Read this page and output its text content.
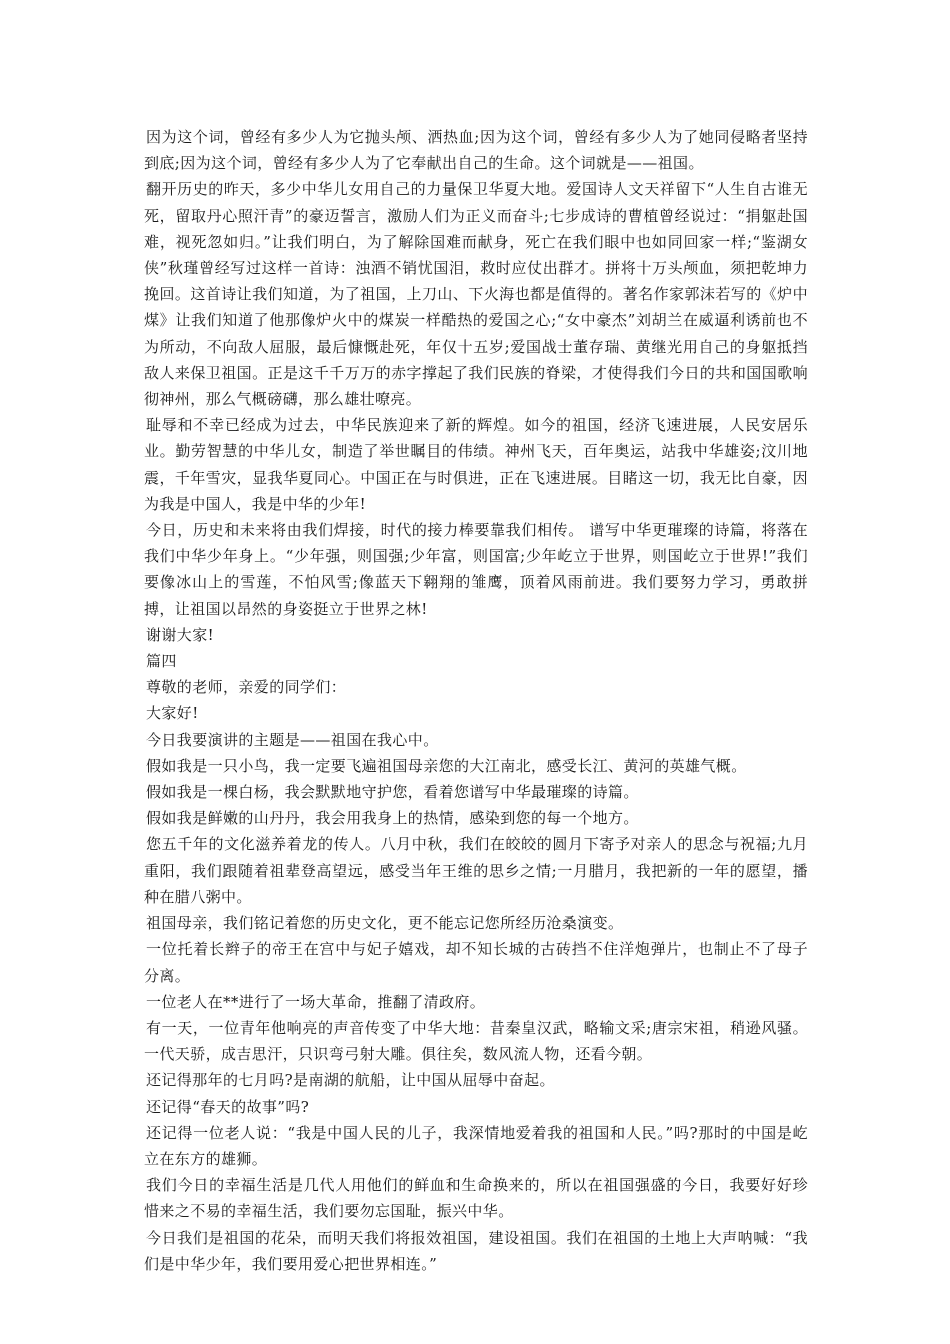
因为这个词，曾经有多少人为它抛头颅、洒热血;因为这个词，曾经有多少人为了她同侵略者坚持到底;因为这个词，曾经有多少人为了它奉献出自己的生命。这个词就是——祖国。

翻开历史的昨天，多少中华儿女用自己的力量保卫华夏大地。爱国诗人文天祥留下“人生自古谁无死，留取丹心照汗青”的豪迈誓言，激励人们为正义而奋斗;七步成诗的曹植曾经说过：“捐躯赴国难，视死忽如归。”让我们明白，为了解除国难而献身，死亡在我们眼中也如同回家一样;“鉴湖女侠”秋瑾曾经写过这样一首诗：浊酒不销忧国泪，救时应仗出群才。拼将十万头颅血，须把乾坤力挽回。这首诗让我们知道，为了祖国，上刀山、下火海也都是值得的。著名作家郭沫若写的《炉中煤》让我们知道了他那像炉火中的煤炭一样酷热的爱国之心;“女中豪杰”刘胡兰在威逼利诱前也不为所动，不向敌人屈服，最后慷慨赴死，年仅十五岁;爱国战士董存瑞、黄继光用自己的身躯抵挡敌人来保卫祖国。正是这千千万万的赤字撑起了我们民族的脊梁，才使得我们今日的共和国国歌响彻神州，那么气概磅礴，那么雄壮嘹亮。

耻辱和不幸已经成为过去，中华民族迎来了新的辉煌。如今的祖国，经济飞速进展，人民安居乐业。勤劳智慧的中华儿女，制造了举世瞩目的伟绩。神州飞天，百年奥运，站我中华雄姿;汶川地震，千年雪灾，显我华夏同心。中国正在与时俱进，正在飞速进展。目睹这一切，我无比自豪，因为我是中国人，我是中华的少年!

今日，历史和未来将由我们焊接，时代的接力棒要靠我们相传。 谱写中华更璀璨的诗篇，将落在我们中华少年身上。“少年强，则国强;少年富，则国富;少年屹立于世界，则国屹立于世界!”我们要像冰山上的雪莲，不怕风雪;像蓝天下翱翔的雏鹰，顶着风雨前进。我们要努力学习，勇敢拼搏，让祖国以昂然的身姿挺立于世界之林!

谢谢大家!

篇四

尊敬的老师，亲爱的同学们：

大家好!

今日我要演讲的主题是——祖国在我心中。

假如我是一只小鸟，我一定要飞遍祖国母亲您的大江南北，感受长江、黄河的英雄气概。

假如我是一棵白杨，我会默默地守护您，看着您谱写中华最璀璨的诗篇。

假如我是鲜嫩的山丹丹，我会用我身上的热情，感染到您的每一个地方。

您五千年的文化滋养着龙的传人。八月中秋，我们在皎皎的圆月下寄予对亲人的思念与祝福;九月重阳，我们跟随着祖辈登高望远，感受当年王维的思乡之情;一月腊月，我把新的一年的愿望，播种在腊八粥中。

祖国母亲，我们铭记着您的历史文化，更不能忘记您所经历沧桑演变。

一位托着长辫子的帝王在宫中与妃子嬉戏，却不知长城的古砖挡不住洋炮弹片，也制止不了母子分离。

一位老人在**进行了一场大革命，推翻了清政府。

有一天，一位青年他响亮的声音传变了中华大地：昔秦皇汉武，略输文采;唐宗宋祖，稍逊风骚。一代天骄，成吉思汗，只识弯弓射大雕。俱往矣，数风流人物，还看今朝。

还记得那年的七月吗?是南湖的航船，让中国从屈辱中奋起。

还记得“春天的故事”吗?

还记得一位老人说：“我是中国人民的儿子，我深情地爱着我的祖国和人民。”吗?那时的中国是屹立在东方的雄狮。

我们今日的幸福生活是几代人用他们的鲜血和生命换来的，所以在祖国强盛的今日，我要好好珍惜来之不易的幸福生活，我们要勿忘国耻，振兴中华。

今日我们是祖国的花朵，而明天我们将报效祖国，建设祖国。我们在祖国的土地上大声呐喊：“我们是中华少年，我们要用爱心把世界相连。”
